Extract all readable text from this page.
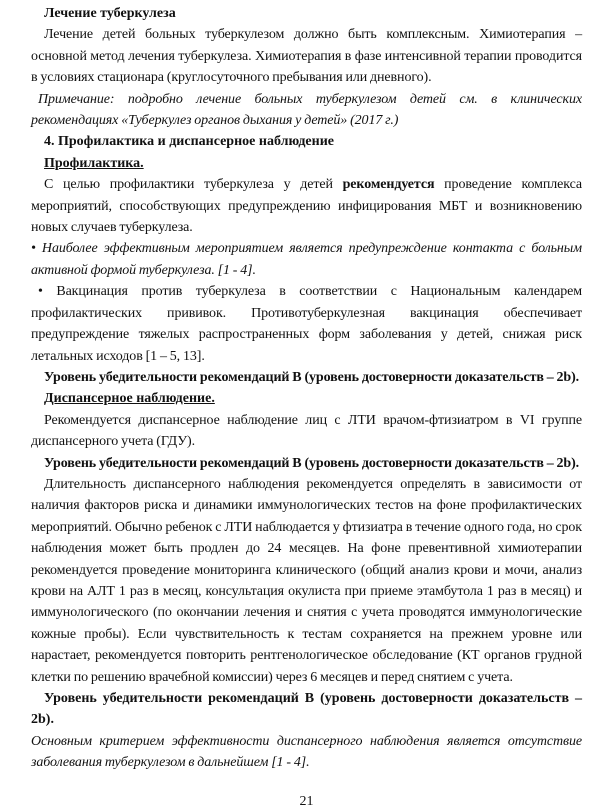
Лечение туберкулеза

Лечение детей больных туберкулезом должно быть комплексным. Химиотерапия – основной метод лечения туберкулеза. Химиотерапия в фазе интенсивной терапии проводится в условиях стационара (круглосуточного пребывания или дневного).

Примечание: подробно лечение больных туберкулезом детей см. в клинических рекомендациях «Туберкулез органов дыхания у детей» (2017 г.)

4. Профилактика и диспансерное наблюдение

Профилактика.

С целью профилактики туберкулеза у детей рекомендуется проведение комплекса мероприятий, способствующих предупреждению инфицирования МБТ и возникновению новых случаев туберкулеза.

• Наиболее эффективным мероприятием является предупреждение контакта с больным активной формой туберкулеза. [1 - 4].

• Вакцинация против туберкулеза в соответствии с Национальным календарем профилактических прививок. Противотуберкулезная вакцинация обеспечивает предупреждение тяжелых распространенных форм заболевания у детей, снижая риск летальных исходов [1 – 5, 13].

Уровень убедительности рекомендаций В (уровень достоверности доказательств – 2b).

Диспансерное наблюдение.

Рекомендуется диспансерное наблюдение лиц с ЛТИ врачом-фтизиатром в VI группе диспансерного учета (ГДУ).

Уровень убедительности рекомендаций В (уровень достоверности доказательств – 2b).

Длительность диспансерного наблюдения рекомендуется определять в зависимости от наличия факторов риска и динамики иммунологических тестов на фоне профилактических мероприятий. Обычно ребенок с ЛТИ наблюдается у фтизиатра в течение одного года, но срок наблюдения может быть продлен до 24 месяцев. На фоне превентивной химиотерапии рекомендуется проведение мониторинга клинического (общий анализ крови и мочи, анализ крови на АЛТ 1 раз в месяц, консультация окулиста при приеме этамбутола 1 раз в месяц) и иммунологического (по окончании лечения и снятия с учета проводятся иммунологические кожные пробы). Если чувствительность к тестам сохраняется на прежнем уровне или нарастает, рекомендуется повторить рентгенологическое обследование (КТ органов грудной клетки по решению врачебной комиссии) через 6 месяцев и перед снятием с учета.

Уровень убедительности рекомендаций В (уровень достоверности доказательств – 2b).

Основным критерием эффективности диспансерного наблюдения является отсутствие заболевания туберкулезом в дальнейшем [1 - 4].

21
